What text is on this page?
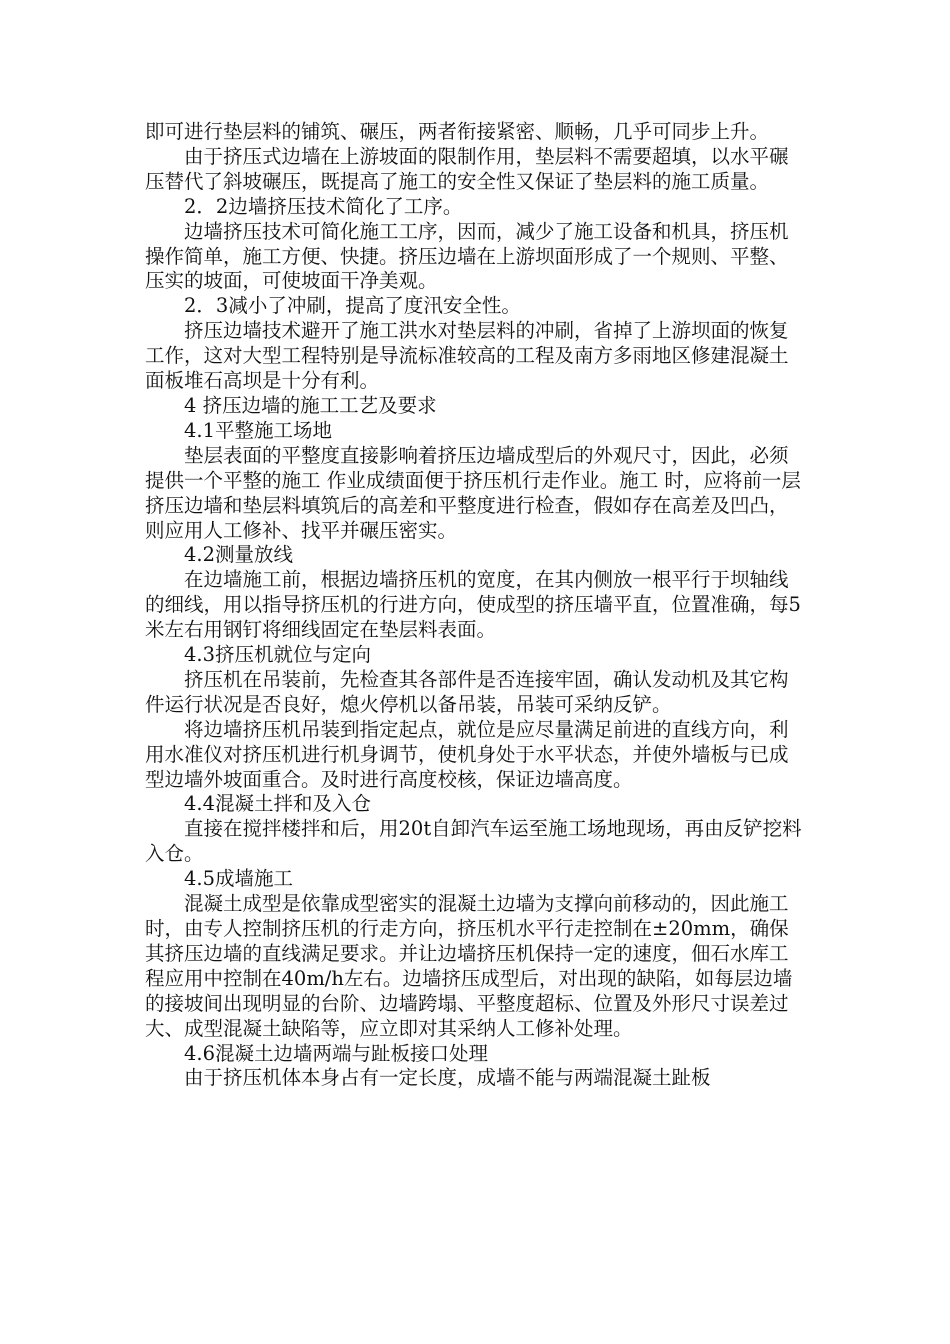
即可进行垫层料的铺筑、碾压，两者衔接紧密、顺畅，几乎可同步上升。

由于挤压式边墙在上游坡面的限制作用，垫层料不需要超填，以水平碾压替代了斜坡碾压，既提高了施工的安全性又保证了垫层料的施工质量。

2．2边墙挤压技术简化了工序。

边墙挤压技术可简化施工工序，因而，减少了施工设备和机具，挤压机操作简单，施工方便、快捷。挤压边墙在上游坝面形成了一个规则、平整、压实的坡面，可使坡面干净美观。

2．3减小了冲刷，提高了度汛安全性。

挤压边墙技术避开了施工洪水对垫层料的冲刷，省掉了上游坝面的恢复工作，这对大型工程特别是导流标准较高的工程及南方多雨地区修建混凝土面板堆石高坝是十分有利。

4 挤压边墙的施工工艺及要求

4.1平整施工场地

垫层表面的平整度直接影响着挤压边墙成型后的外观尺寸，因此，必须提供一个平整的施工 作业成绩面便于挤压机行走作业。施工 时，应将前一层挤压边墙和垫层料填筑后的高差和平整度进行检查，假如存在高差及凹凸，则应用人工修补、找平并碾压密实。

4.2测量放线

在边墙施工前，根据边墙挤压机的宽度，在其内侧放一根平行于坝轴线的细线，用以指导挤压机的行进方向，使成型的挤压墙平直，位置准确，每5米左右用钢钉将细线固定在垫层料表面。

4.3挤压机就位与定向

挤压机在吊装前，先检查其各部件是否连接牢固，确认发动机及其它构件运行状况是否良好，熄火停机以备吊装，吊装可采纳反铲。

将边墙挤压机吊装到指定起点，就位是应尽量满足前进的直线方向，利用水准仪对挤压机进行机身调节，使机身处于水平状态，并使外墙板与已成型边墙外坡面重合。及时进行高度校核，保证边墙高度。

4.4混凝土拌和及入仓

直接在搅拌楼拌和后，用20t自卸汽车运至施工场地现场，再由反铲挖料入仓。

4.5成墙施工

混凝土成型是依靠成型密实的混凝土边墙为支撑向前移动的，因此施工时，由专人控制挤压机的行走方向，挤压机水平行走控制在±20mm，确保其挤压边墙的直线满足要求。并让边墙挤压机保持一定的速度，佃石水库工程应用中控制在40m/h左右。边墙挤压成型后，对出现的缺陷，如每层边墙的接坡间出现明显的台阶、边墙跨塌、平整度超标、位置及外形尺寸误差过大、成型混凝土缺陷等，应立即对其采纳人工修补处理。

4.6混凝土边墙两端与趾板接口处理

由于挤压机体本身占有一定长度，成墙不能与两端混凝土趾板
